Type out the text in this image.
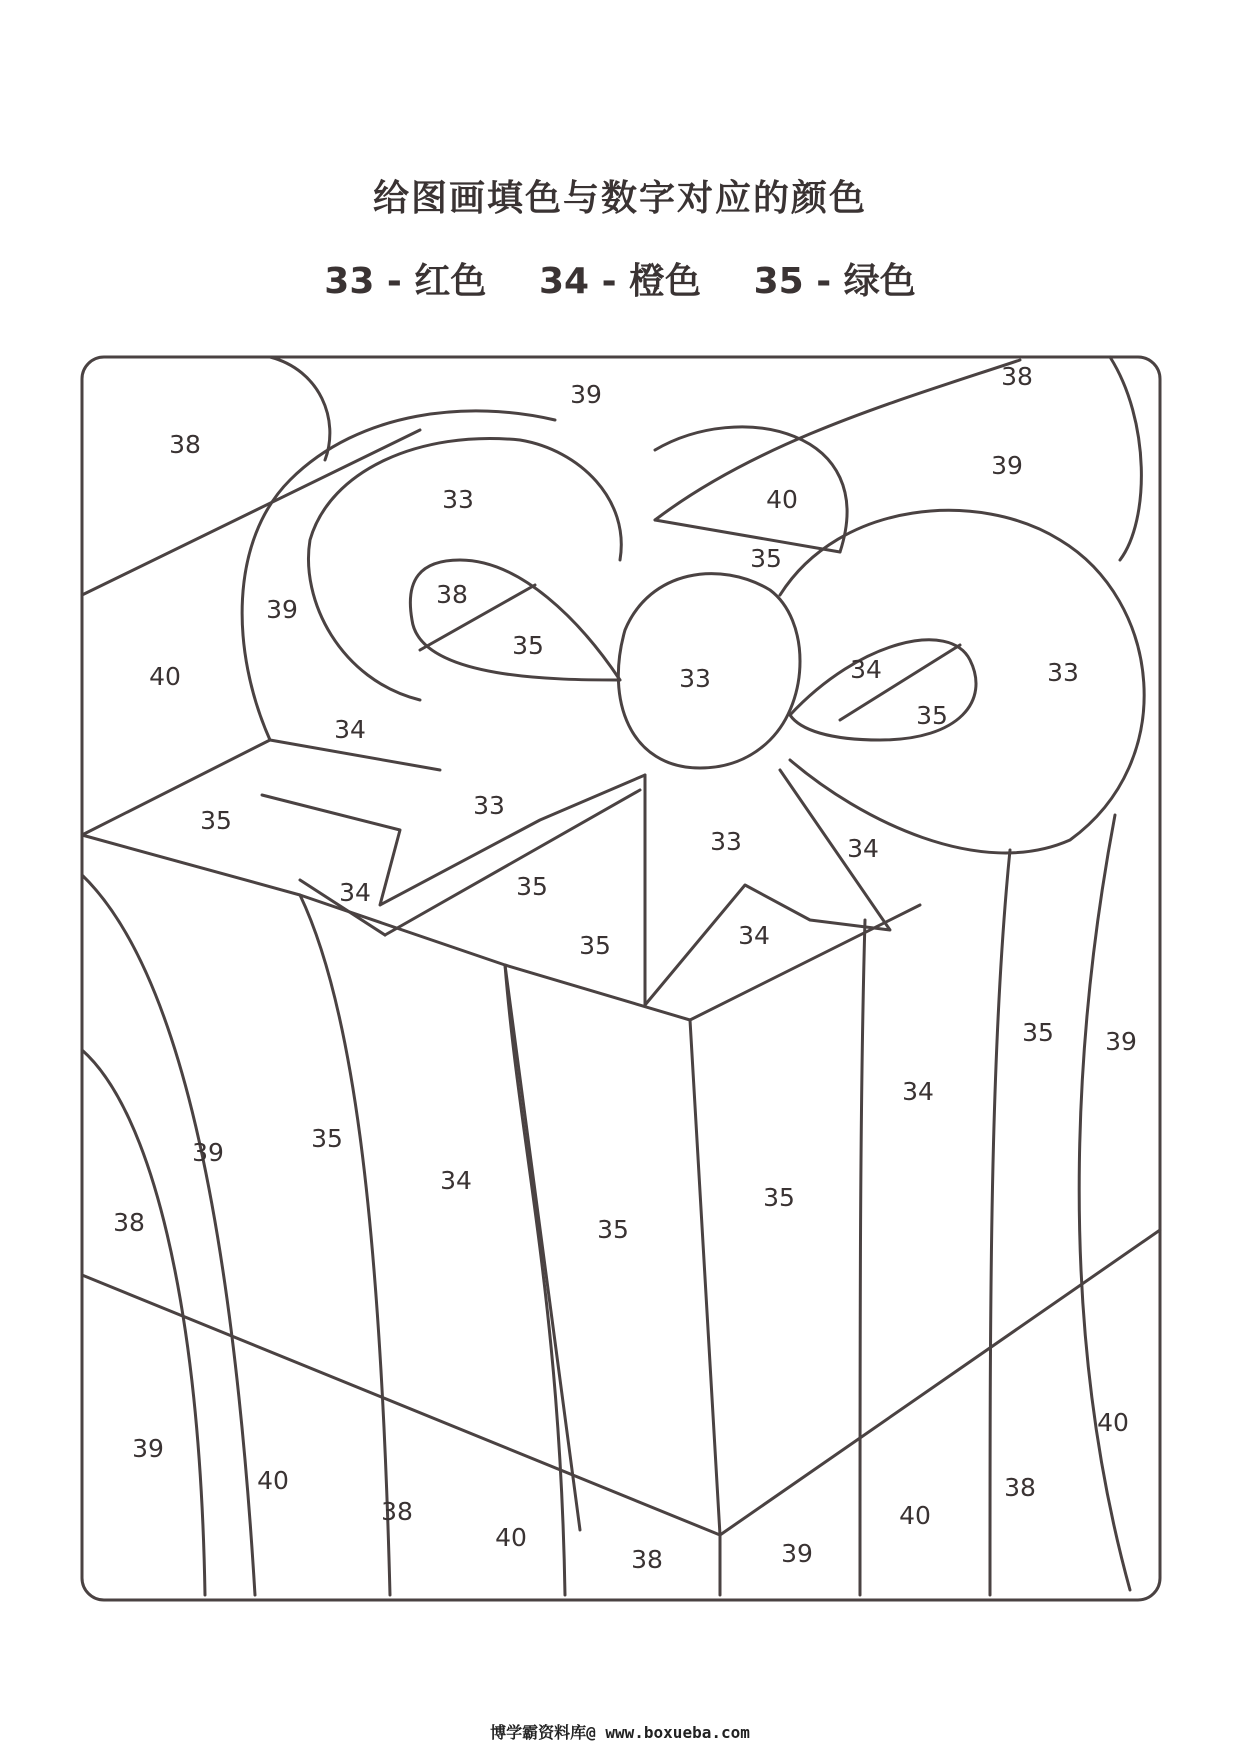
给图画填色与数字对应的颜色
33 - 红色 34 - 橙色 35 - 绿色
38
39
38
39
33	40
35
39
38
35
40	33	34
35
33
34
35
33
33	34
34	35
35	34
35 39
35
39
34
38
34
35
35
39
40
38
40
38	39
40
38
40
博学霸资料库@ www.boxueba.com
